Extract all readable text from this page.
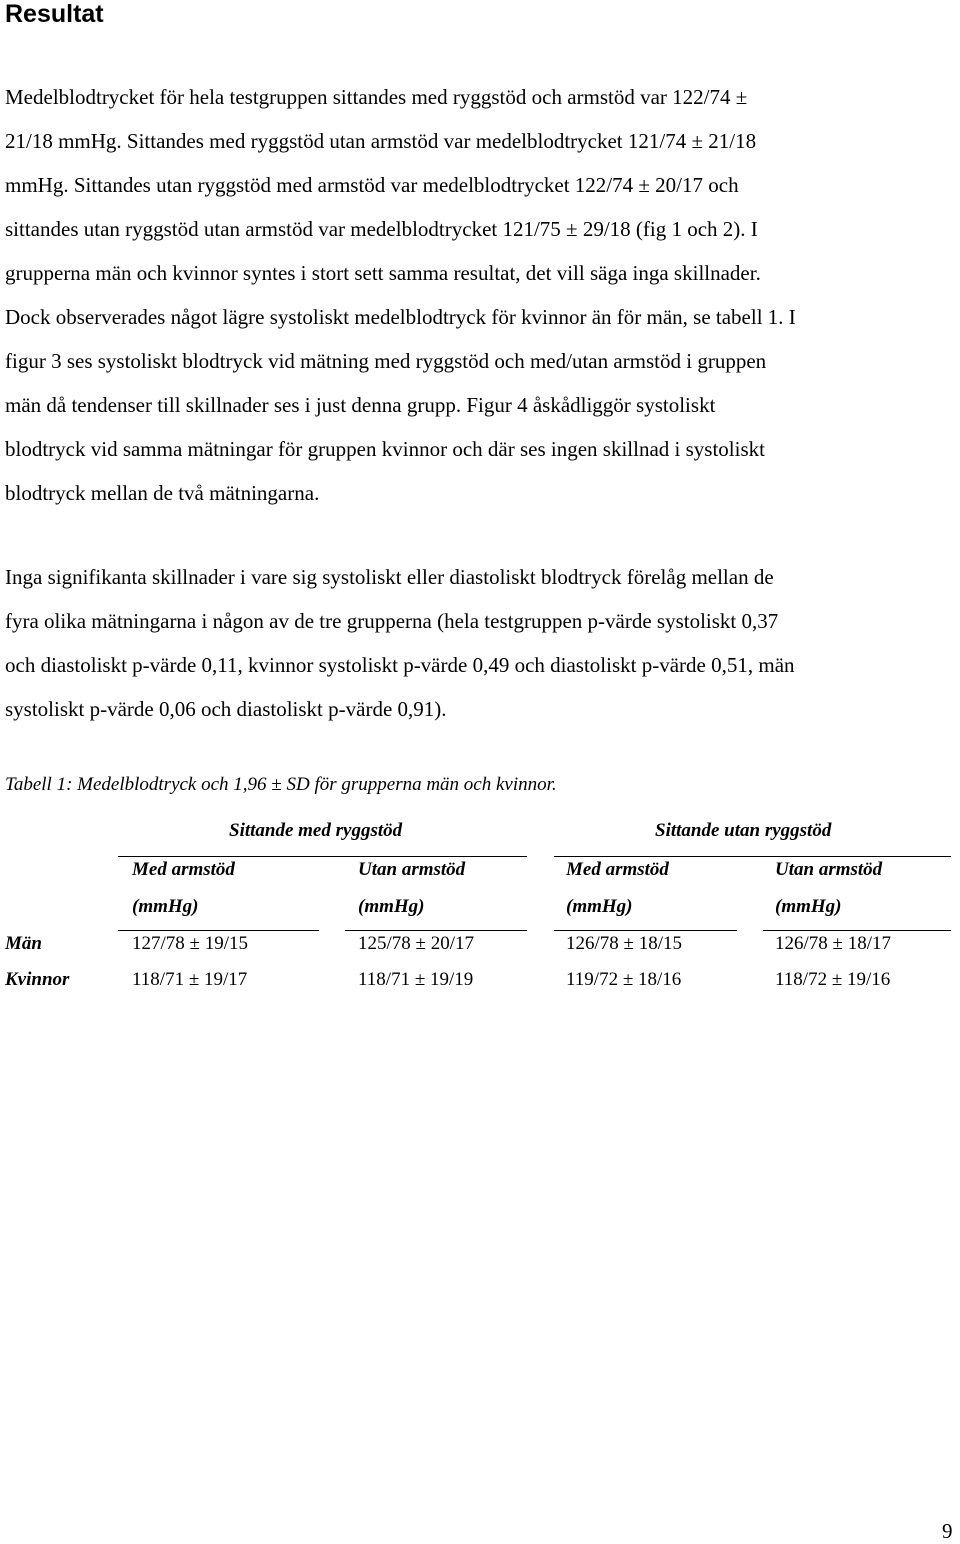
Resultat

Medelblodtrycket för hela testgruppen sittandes med ryggstöd och armstöd var 122/74 ±
21/18 mmHg. Sittandes med ryggstöd utan armstöd var medelblodtrycket 121/74 ± 21/18
mmHg. Sittandes utan ryggstöd med armstöd var medelblodtrycket 122/74 ± 20/17 och
sittandes utan ryggstöd utan armstöd var medelblodtrycket 121/75 ± 29/18 (fig 1 och 2). I
grupperna män och kvinnor syntes i stort sett samma resultat, det vill säga inga skillnader.
Dock observerades något lägre systoliskt medelblodtryck för kvinnor än för män, se tabell 1. I
figur 3 ses systoliskt blodtryck vid mätning med ryggstöd och med/utan armstöd i gruppen
män då tendenser till skillnader ses i just denna grupp. Figur 4 åskådliggör systoliskt
blodtryck vid samma mätningar för gruppen kvinnor och där ses ingen skillnad i systoliskt
blodtryck mellan de två mätningarna.

Inga signifikanta skillnader i vare sig systoliskt eller diastoliskt blodtryck förelåg mellan de
fyra olika mätningarna i någon av de tre grupperna (hela testgruppen p-värde systoliskt 0,37
och diastoliskt p-värde 0,11, kvinnor systoliskt p-värde 0,49 och diastoliskt p-värde 0,51, män
systoliskt p-värde 0,06 och diastoliskt p-värde 0,91).

Tabell 1: Medelblodtryck och 1,96 ± SD för grupperna män och kvinnor.

Sittande med ryggstöd	Sittande utan ryggstöd
Med armstöd	Utan armstöd	Med armstöd	Utan armstöd
(mmHg)	(mmHg)	(mmHg)	(mmHg)
Män	127/78 ± 19/15	125/78 ± 20/17	126/78 ± 18/15	126/78 ± 18/17
Kvinnor	118/71 ± 19/17	118/71 ± 19/19	119/72 ± 18/16	118/72 ± 19/16
9
